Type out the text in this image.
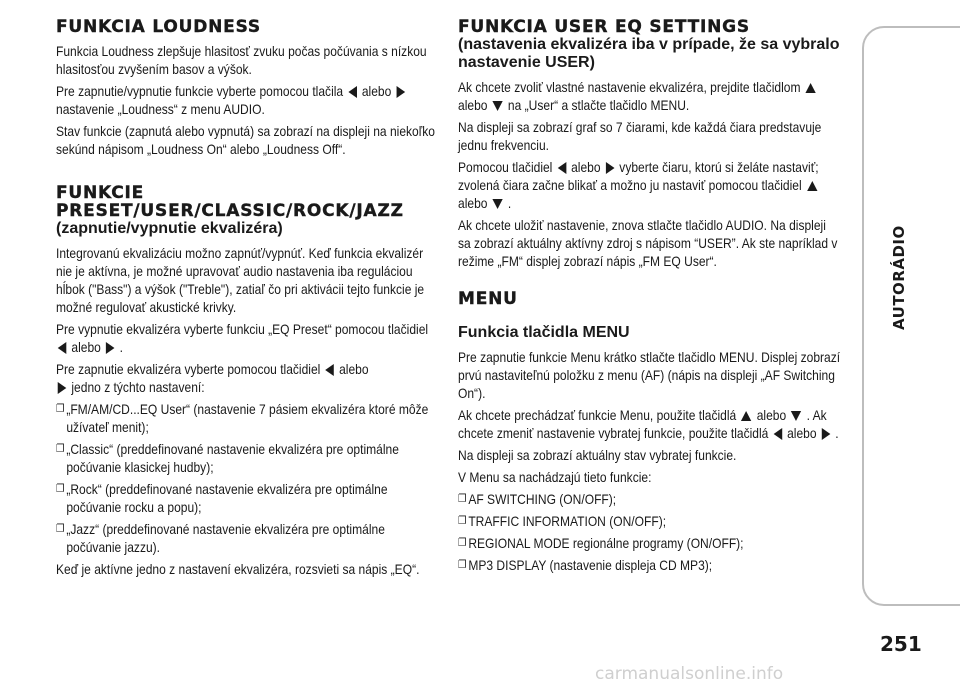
FUNKCIA LOUDNESS

Funkcia Loudness zlepšuje hlasitosť zvuku počas počúvania s nízkou hlasitosťou zvyšením basov a výšok.

Pre zapnutie/vypnutie funkcie vyberte pomocou tlačila alebo  nastavenie „Loudness“ z menu AUDIO.

Stav funkcie (zapnutá alebo vypnutá) sa zobrazí na displeji na niekoľko sekúnd nápisom „Loudness On“ alebo „Loudness Off“.

FUNKCIE
PRESET/USER/CLASSIC/ROCK/JAZZ
(zapnutie/vypnutie ekvalizéra)

Integrovanú ekvalizáciu možno zapnúť/vypnúť. Keď funkcia ekvalizér nie je aktívna, je možné upravovať audio nastavenia iba reguláciou hĺbok ("Bass") a výšok ("Treble"), zatiaľ čo pri aktivácii tejto funkcie je možné regulovať akustické krivky.

Pre vypnutie ekvalizéra vyberte funkciu „EQ Preset“ pomocou tlačidiel  alebo .

Pre zapnutie ekvalizéra vyberte pomocou tlačidiel alebo
jedno z týchto nastavení:

❐ „FM/AM/CD...EQ User“ (nastavenie 7 pásiem ekvalizéra ktoré môže užívateľ menit);
❐ „Classic“ (preddefinované nastavenie ekvalizéra pre optimálne počúvanie klasickej hudby);
❐ „Rock“ (preddefinované nastavenie ekvalizéra pre optimálne počúvanie rocku a popu);
❐ „Jazz“ (preddefinované nastavenie ekvalizéra pre optimálne počúvanie jazzu).

Keď je aktívne jedno z nastavení ekvalizéra, rozsvieti sa nápis „EQ“.

FUNKCIA USER EQ SETTINGS
(nastavenia ekvalizéra iba v prípade, že sa vybralo nastavenie USER)

Ak chcete zvoliť vlastné nastavenie ekvalizéra, prejdite tlačidlom  alebo na „User“ a stlačte tlačidlo MENU.

Na displeji sa zobrazí graf so 7 čiarami, kde každá čiara predstavuje jednu frekvenciu.

Pomocou tlačidiel alebo vyberte čiaru, ktorú si želáte nastaviť; zvolená čiara začne blikať a možno ju nastaviť pomocou tlačidiel  alebo .

Ak chcete uložiť nastavenie, znova stlačte tlačidlo AUDIO. Na displeji sa zobrazí aktuálny aktívny zdroj s nápisom “USER”. Ak ste napríklad v režime „FM“ displej zobrazí nápis „FM EQ User“.

MENU
Funkcia tlačidla MENU

Pre zapnutie funkcie Menu krátko stlačte tlačidlo MENU. Displej zobrazí prvú nastaviteľnú položku z menu (AF) (nápis na displeji „AF Switching On“).

Ak chcete prechádzať funkcie Menu, použite tlačidlá alebo . Ak chcete zmeniť nastavenie vybratej funkcie, použite tlačidlá alebo .

Na displeji sa zobrazí aktuálny stav vybratej funkcie.

V Menu sa nachádzajú tieto funkcie:

❐ AF SWITCHING (ON/OFF);
❐ TRAFFIC INFORMATION (ON/OFF);
❐ REGIONAL MODE regionálne programy (ON/OFF);
❐ MP3 DISPLAY (nastavenie displeja CD MP3);
AUTORÁDIO
251
carmanualsonline.info
